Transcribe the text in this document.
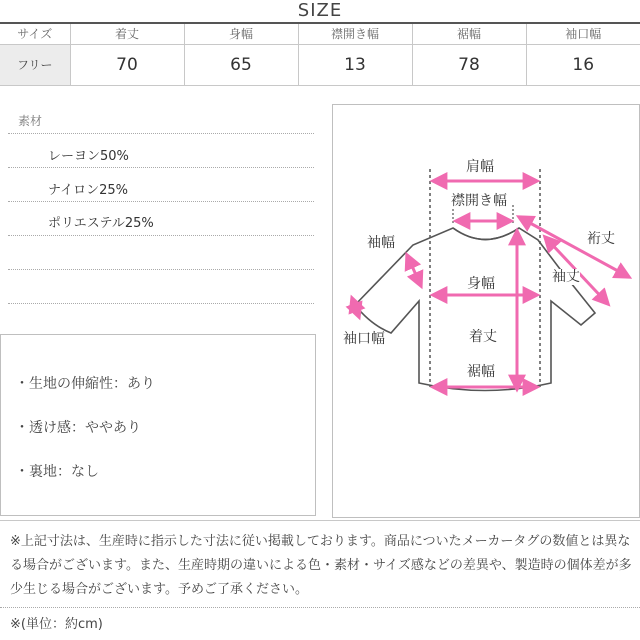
SIZE
サイズ	着丈	身幅	襟開き幅	裾幅	袖口幅
フリー	70	65	13	78	16
素材
レーヨン50%
ナイロン25%
ポリエステル25%
・生地の伸縮性：あり
・透け感：ややあり
・裏地：なし
肩幅
襟開き幅
袖幅	裄丈
袖丈
身幅
袖口幅	着丈
裾幅
※上記寸法は、生産時に指示した寸法に従い掲載しております。商品についたメーカータグの数値とは異なる場合がございます。また、生産時期の違いによる色・素材・サイズ感などの差異や、製造時の個体差が多少生じる場合がございます。予めご了承ください。
※(単位：約cm)
